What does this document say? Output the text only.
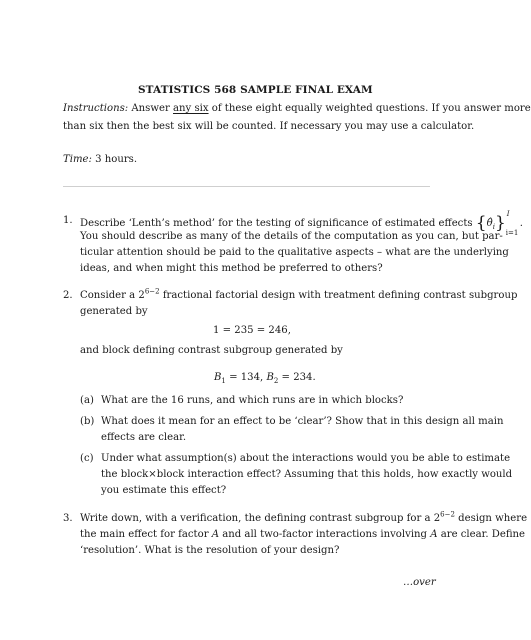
STATISTICS 568 SAMPLE FINAL EXAM
Instructions: Answer any six of these eight equally weighted questions. If you answer more
than six then the best six will be counted. If necessary you may use a calculator.
Time: 3 hours.
1. Describe ‘Lenth’s method’ for the testing of significance of estimated effects $\{\thetâ_i\}$ I
i=1
.
You should describe as many of the details of the computation as you can, but par-
ticular attention should be paid to the qualitative aspects – what are the underlying
ideas, and when might this method be preferred to others?
2. Consider a $2^{6-2}$ fractional factorial design with treatment defining contrast subgroup
generated by
1 = 235 = 246,
and block defining contrast subgroup generated by
$B_1 = 134$, $B_2 = 234$.
(a) What are the 16 runs, and which runs are in which blocks?
(b) What does it mean for an effect to be ‘clear’? Show that in this design all main
effects are clear.
(c) Under what assumption(s) about the interactions would you be able to estimate
the block×block interaction effect? Assuming that this holds, how exactly would
you estimate this effect?
3. Write down, with a verification, the defining contrast subgroup for a $2^{6-2}$ design where
the main effect for factor A and all two-factor interactions involving A are clear. Define
‘resolution’. What is the resolution of your design?
…over
